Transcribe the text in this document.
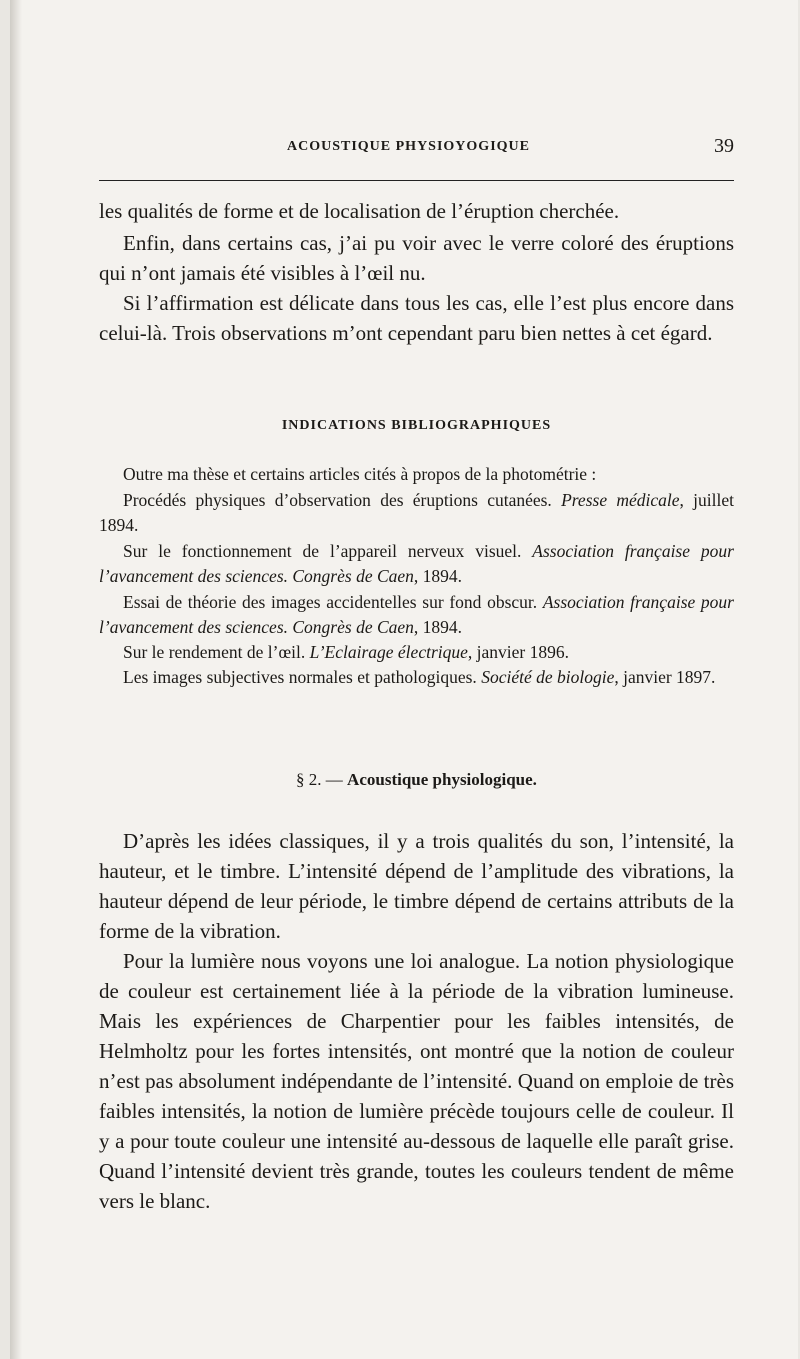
ACOUSTIQUE PHYSIOYOGIQUE	39

les qualités de forme et de localisation de l’éruption cherchée.

Enfin, dans certains cas, j’ai pu voir avec le verre coloré des éruptions qui n’ont jamais été visibles à l’œil nu.

Si l’affirmation est délicate dans tous les cas, elle l’est plus encore dans celui-là. Trois observations m’ont cependant paru bien nettes à cet égard.

INDICATIONS BIBLIOGRAPHIQUES

Outre ma thèse et certains articles cités à propos de la photométrie :

Procédés physiques d’observation des éruptions cutanées. Presse médicale, juillet 1894.

Sur le fonctionnement de l’appareil nerveux visuel. Association française pour l’avancement des sciences. Congrès de Caen, 1894.

Essai de théorie des images accidentelles sur fond obscur. Association française pour l’avancement des sciences. Congrès de Caen, 1894.

Sur le rendement de l’œil. L’Eclairage électrique, janvier 1896.

Les images subjectives normales et pathologiques. Société de biologie, janvier 1897.

§ 2. — Acoustique physiologique.

D’après les idées classiques, il y a trois qualités du son, l’intensité, la hauteur, et le timbre. L’intensité dépend de l’amplitude des vibrations, la hauteur dépend de leur période, le timbre dépend de certains attributs de la forme de la vibration.

Pour la lumière nous voyons une loi analogue. La notion physiologique de couleur est certainement liée à la période de la vibration lumineuse. Mais les expériences de Charpentier pour les faibles intensités, de Helmholtz pour les fortes intensités, ont montré que la notion de couleur n’est pas absolument indépendante de l’intensité. Quand on emploie de très faibles intensités, la notion de lumière précède toujours celle de couleur. Il y a pour toute couleur une intensité au-dessous de laquelle elle paraît grise. Quand l’intensité devient très grande, toutes les couleurs tendent de même vers le blanc.
